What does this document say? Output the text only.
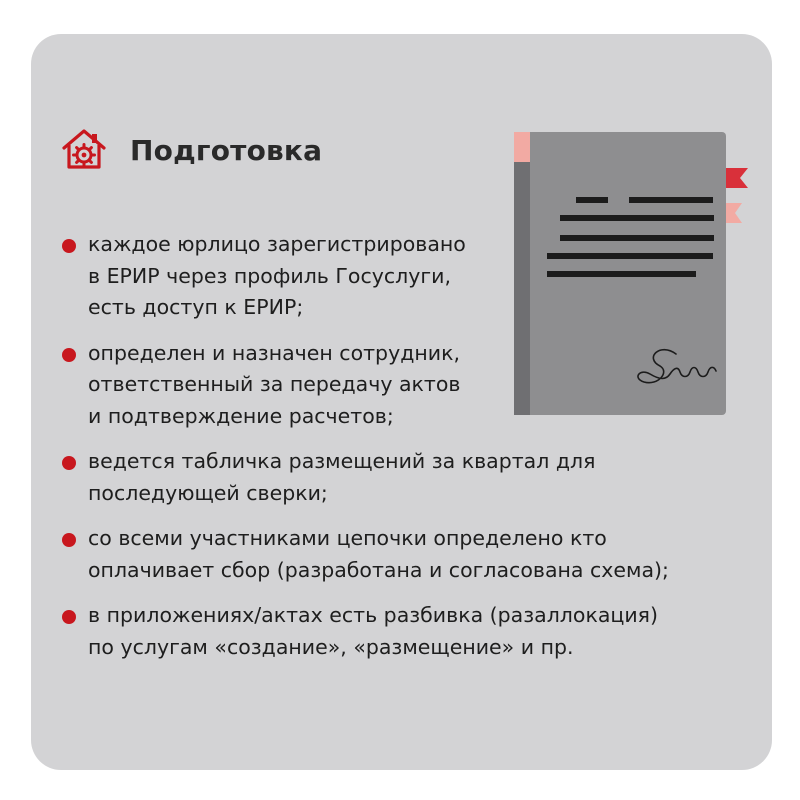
Подготовка
каждое юрлицо зарегистрировано
в ЕРИР через профиль Госуслуги,
есть доступ к ЕРИР;
определен и назначен сотрудник,
ответственный за передачу актов
и подтверждение расчетов;
ведется табличка размещений за квартал для
последующей сверки;
со всеми участниками цепочки определено кто
оплачивает сбор (разработана и согласована схема);
в приложениях/актах есть разбивка (разаллокация)
по услугам «создание», «размещение» и пр.
